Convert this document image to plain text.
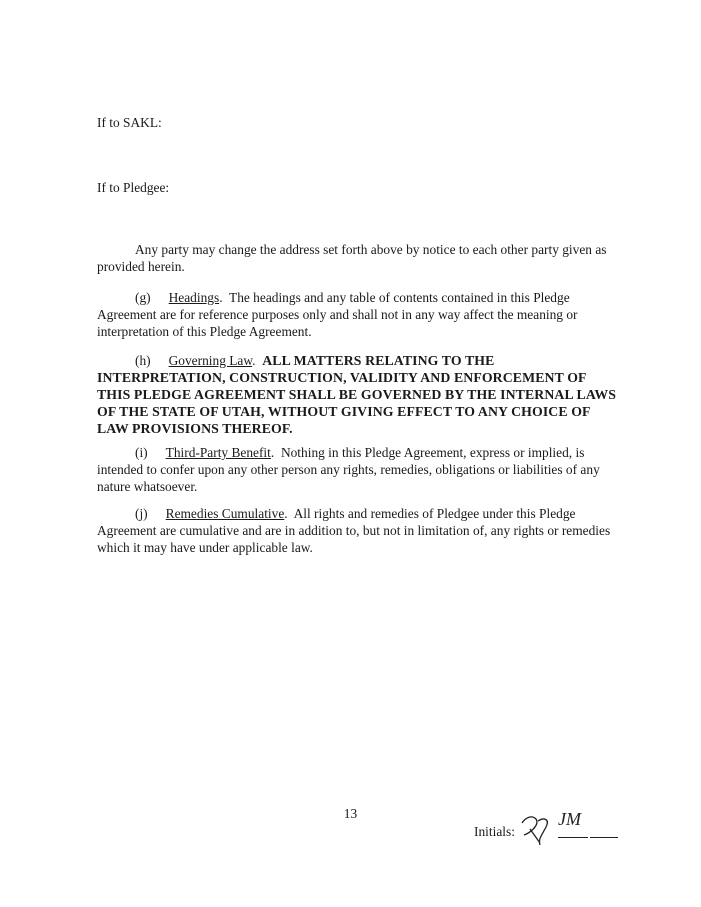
If to SAKL:

If to Pledgee:

Any party may change the address set forth above by notice to each other party given as provided herein.

(g) Headings.  The headings and any table of contents contained in this Pledge Agreement are for reference purposes only and shall not in any way affect the meaning or interpretation of this Pledge Agreement.

(h) Governing Law.  ALL MATTERS RELATING TO THE INTERPRETATION, CONSTRUCTION, VALIDITY AND ENFORCEMENT OF THIS PLEDGE AGREEMENT SHALL BE GOVERNED BY THE INTERNAL LAWS OF THE STATE OF UTAH, WITHOUT GIVING EFFECT TO ANY CHOICE OF LAW PROVISIONS THEREOF.

(i) Third-Party Benefit.  Nothing in this Pledge Agreement, express or implied, is intended to confer upon any other person any rights, remedies, obligations or liabilities of any nature whatsoever.

(j) Remedies Cumulative.  All rights and remedies of Pledgee under this Pledge Agreement are cumulative and are in addition to, but not in limitation of, any rights or remedies which it may have under applicable law.

13
Initials:
JM
